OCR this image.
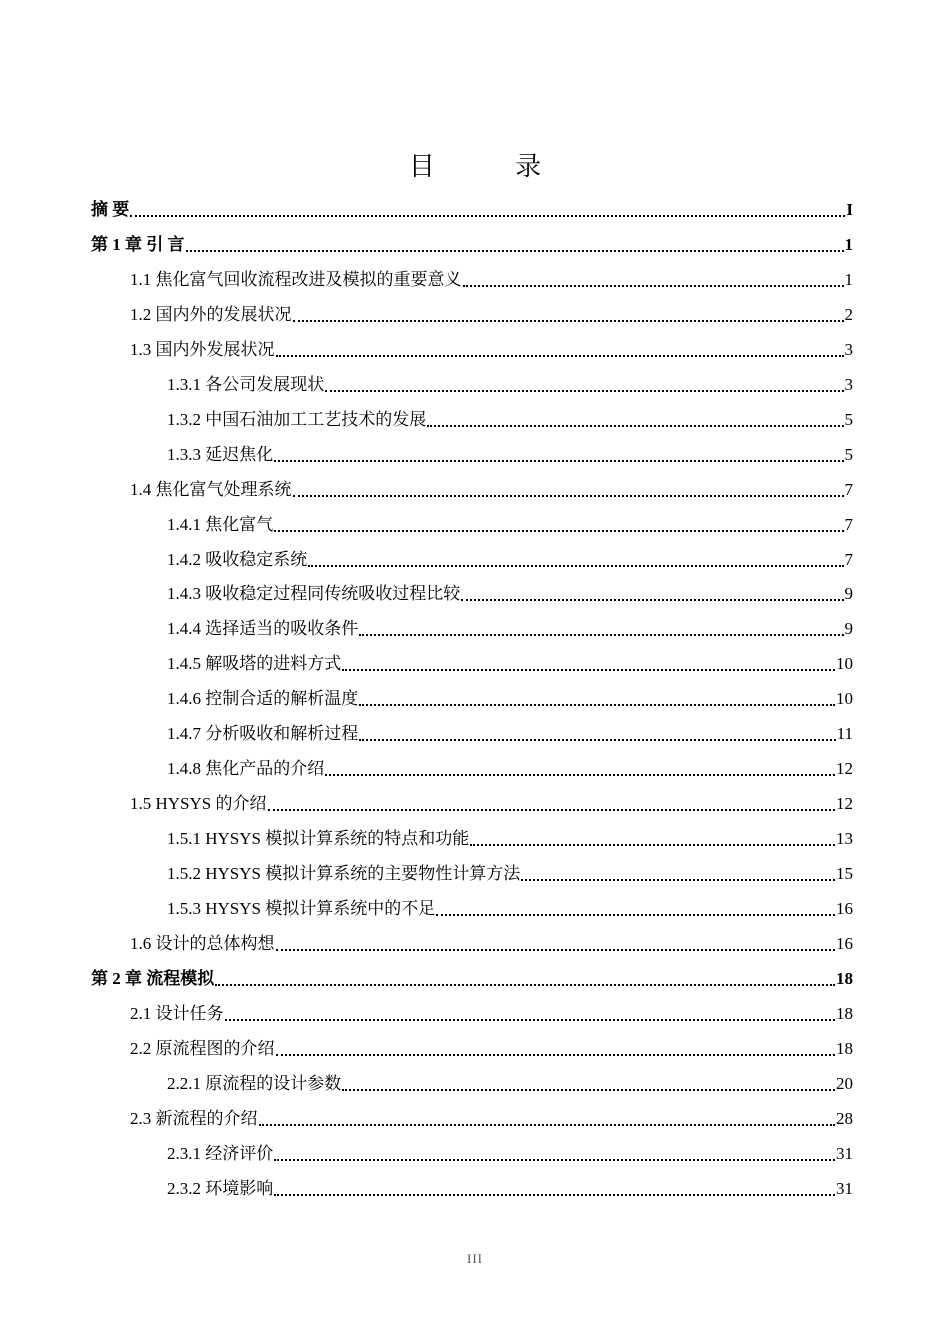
目 录
摘 要	I
第 1 章 引 言	1
1.1 焦化富气回收流程改进及模拟的重要意义	1
1.2 国内外的发展状况	2
1.3 国内外发展状况	3
1.3.1 各公司发展现状	3
1.3.2 中国石油加工工艺技术的发展	5
1.3.3 延迟焦化	5
1.4 焦化富气处理系统	7
1.4.1 焦化富气	7
1.4.2 吸收稳定系统	7
1.4.3 吸收稳定过程同传统吸收过程比较	9
1.4.4 选择适当的吸收条件	9
1.4.5 解吸塔的进料方式	10
1.4.6 控制合适的解析温度	10
1.4.7 分析吸收和解析过程	11
1.4.8 焦化产品的介绍	12
1.5 HYSYS 的介绍	12
1.5.1 HYSYS 模拟计算系统的特点和功能	13
1.5.2 HYSYS 模拟计算系统的主要物性计算方法	15
1.5.3 HYSYS 模拟计算系统中的不足	16
1.6 设计的总体构想	16
第 2 章 流程模拟	18
2.1 设计任务	18
2.2 原流程图的介绍	18
2.2.1 原流程的设计参数	20
2.3 新流程的介绍	28
2.3.1 经济评价	31
2.3.2 环境影响	31
III
